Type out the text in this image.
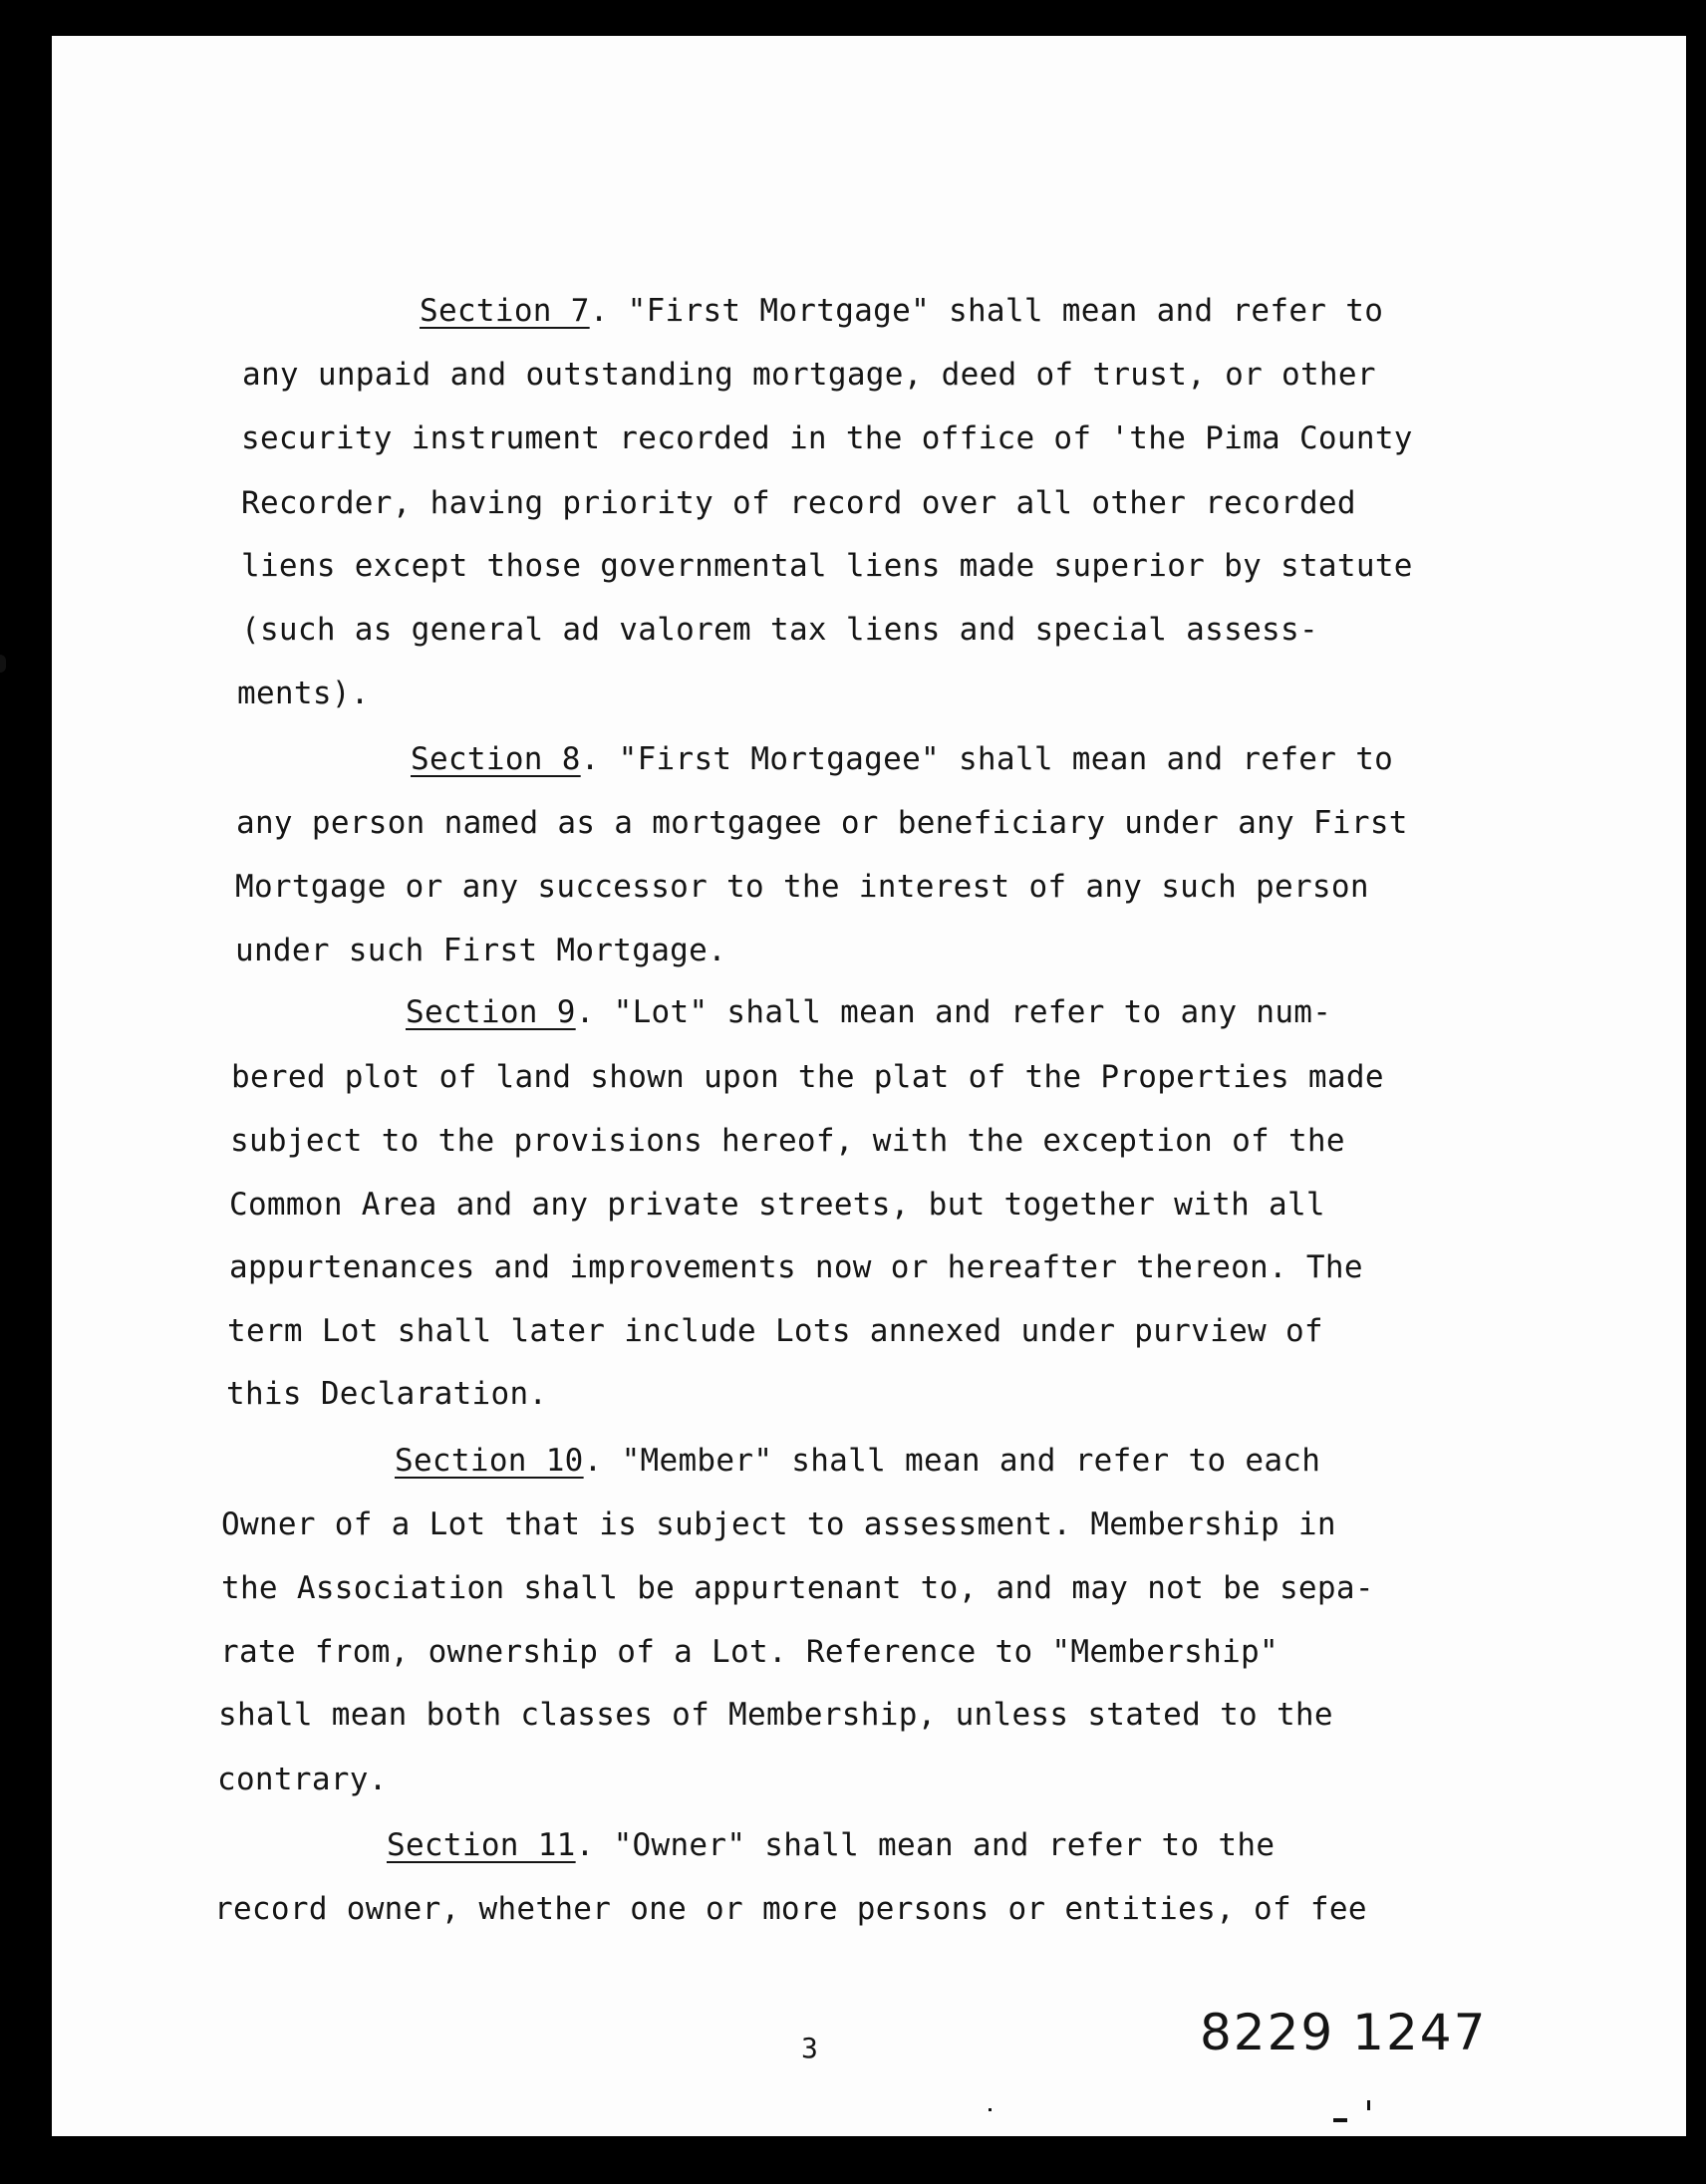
Section 7. "First Mortgage" shall mean and refer to
any unpaid and outstanding mortgage, deed of trust, or other
security instrument recorded in the office of 'the Pima County
Recorder, having priority of record over all other recorded
liens except those governmental liens made superior by statute
(such as general ad valorem tax liens and special assess-
ments).
Section 8. "First Mortgagee" shall mean and refer to
any person named as a mortgagee or beneficiary under any First
Mortgage or any successor to the interest of any such person
under such First Mortgage.
Section 9. "Lot" shall mean and refer to any num-
bered plot of land shown upon the plat of the Properties made
subject to the provisions hereof, with the exception of the
Common Area and any private streets, but together with all
appurtenances and improvements now or hereafter thereon. The
term Lot shall later include Lots annexed under purview of
this Declaration.
Section 10. "Member" shall mean and refer to each
Owner of a Lot that is subject to assessment. Membership in
the Association shall be appurtenant to, and may not be sepa-
rate from, ownership of a Lot. Reference to "Membership"
shall mean both classes of Membership, unless stated to the
contrary.
Section 11. "Owner" shall mean and refer to the
record owner, whether one or more persons or entities, of fee
3	8229 1247
